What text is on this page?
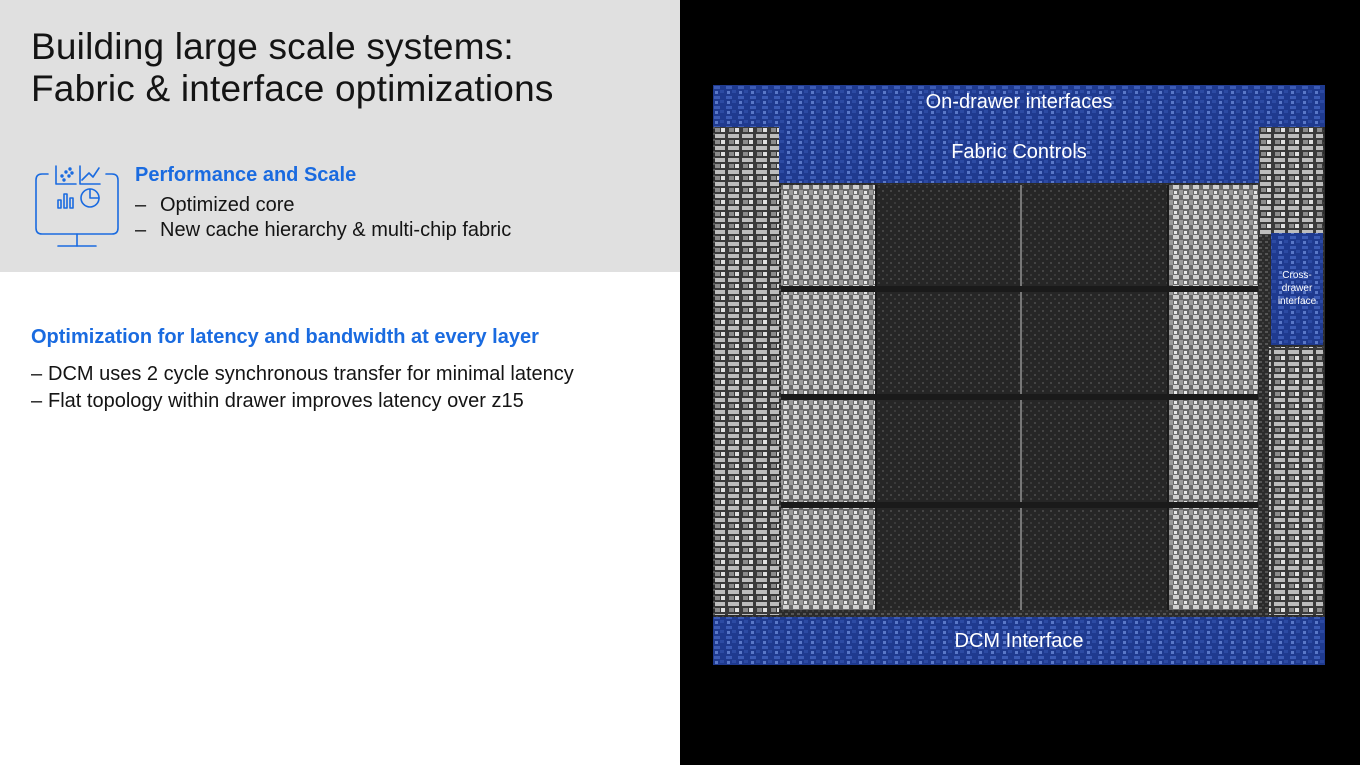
Building large scale systems:
Fabric & interface optimizations
Performance and Scale
– Optimized core
– New cache hierarchy & multi-chip fabric
Optimization for latency and bandwidth at every layer
– DCM uses 2 cycle synchronous transfer for minimal latency
– Flat topology within drawer improves latency over z15
On-drawer interfaces
Fabric Controls
DCM Interface
Cross-
drawer
interface
